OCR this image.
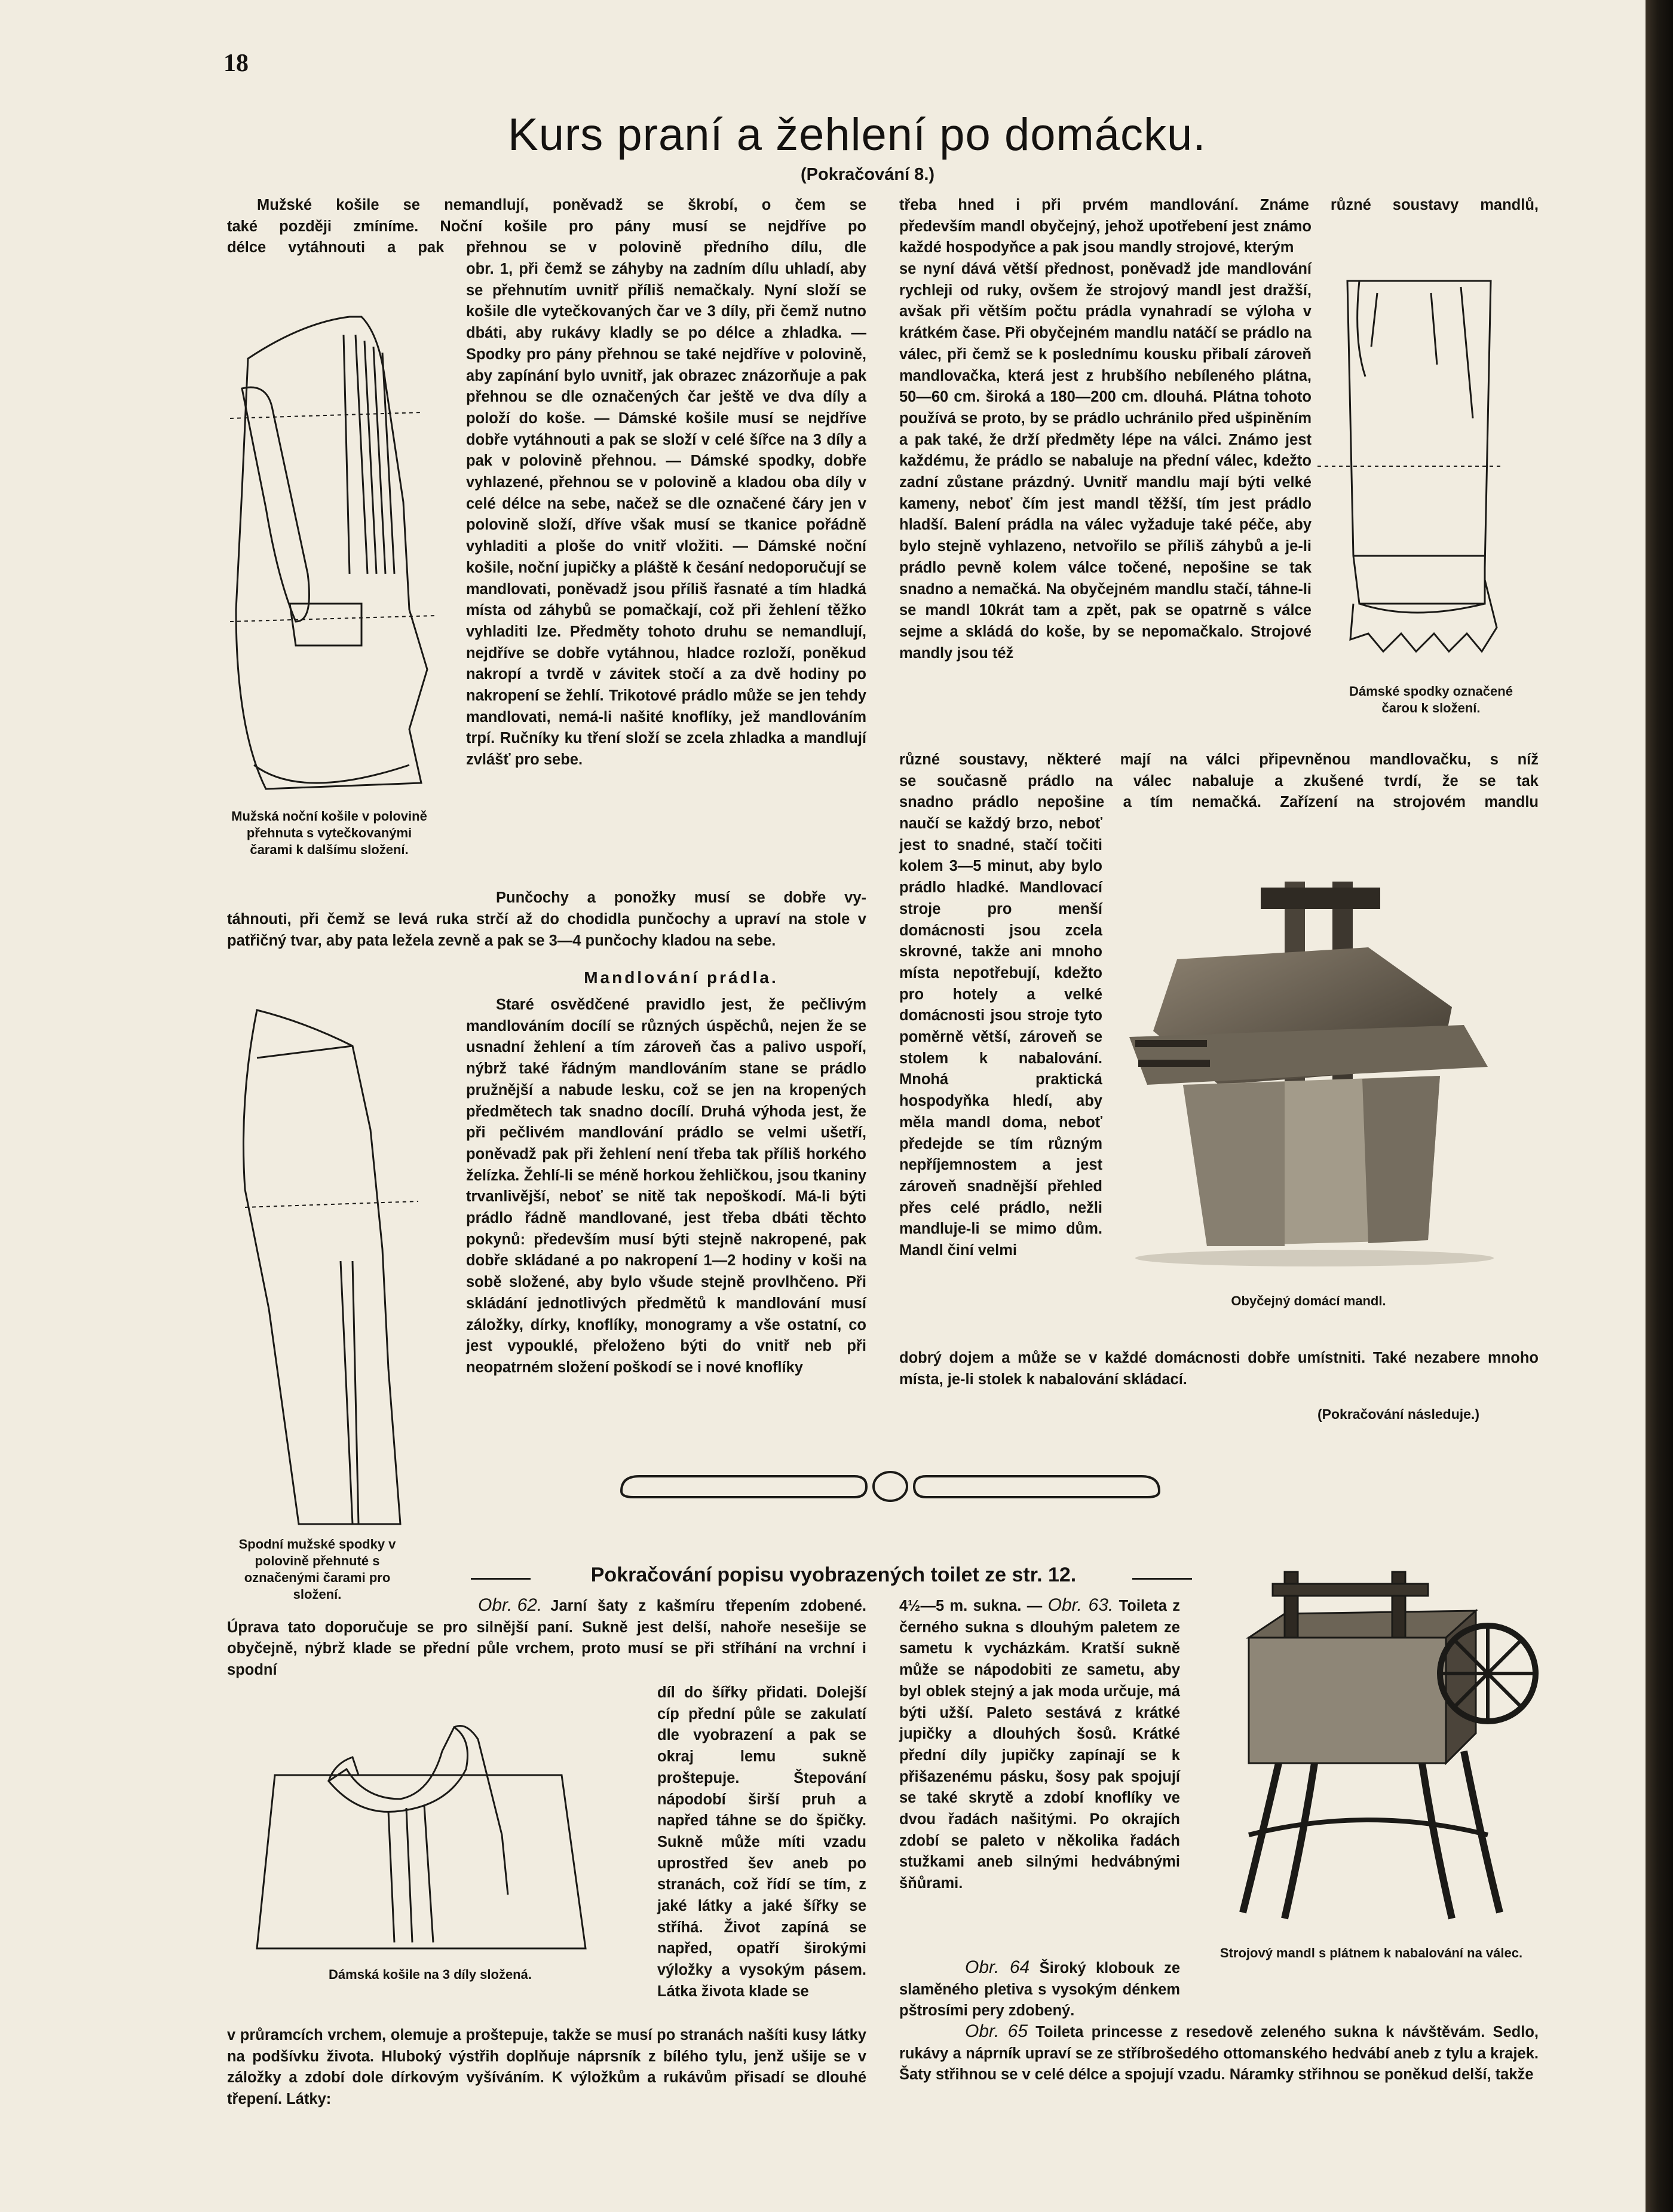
18
Kurs praní a žehlení po domácku.
(Pokračování 8.)
Mužské košile se nemandlují, poněvadž se škrobí, o čem se
také později zmíníme. Noční košile pro pány musí se nejdříve po
délce vytáhnouti a pak přehnou se v polovině předního dílu, dle
Mužská noční košile v polovině přehnuta s vytečkovanými čarami k dalšímu složení.
obr. 1, při čemž se záhyby na zadním dílu uhladí, aby se přehnutím uvnitř příliš nemačkaly. Nyní složí se košile dle vytečkovaných čar ve 3 díly, při čemž nutno dbáti, aby rukávy kladly se po délce a zhladka. — Spodky pro pány přehnou se také nejdříve v polovině, aby zapínání bylo uvnitř, jak obrazec znázorňuje a pak přehnou se dle označených čar ještě ve dva díly a položí do koše. — Dámské košile musí se nejdříve dobře vytáhnouti a pak se složí v celé šířce na 3 díly a pak v polovině přehnou. — Dámské spodky, dobře vyhlazené, přehnou se v polovině a kladou oba díly v celé délce na sebe, načež se dle označené čáry jen v polovině složí, dříve však musí se tkanice pořádně vyhladiti a ploše do vnitř vložiti. — Dámské noční košile, noční jupičky a pláště k česání nedoporučují se mandlovati, poněvadž jsou příliš řasnaté a tím hladká místa od záhybů se pomačkají, což při žehlení těžko vyhladiti lze. Předměty tohoto druhu se nemandlují, nejdříve se dobře vytáhnou, hladce rozloží, poněkud nakropí a tvrdě v závitek stočí a za dvě hodiny po nakropení se žehlí. Trikotové prádlo může se jen tehdy mandlovati, nemá-li našité knoflíky, jež mandlováním trpí. Ručníky ku tření složí se zcela zhladka a mandlují zvlášť pro sebe.
Punčochy a ponožky musí se dobře vy-
táhnouti, při čemž se levá ruka strčí až do chodidla punčochy a upraví na stole v patřičný tvar, aby pata ležela zevně a pak se 3—4 punčochy kladou na sebe.
Spodní mužské spodky v polovině přehnuté s označenými čarami pro složení.
Mandlování prádla.
Staré osvědčené pravidlo jest, že pečlivým mandlováním docílí se různých úspěchů, nejen že se usnadní žehlení a tím zároveň čas a palivo uspoří, nýbrž také řádným mandlováním stane se prádlo pružnější a nabude lesku, což se jen na kropených předmětech tak snadno docílí. Druhá výhoda jest, že při pečlivém mandlování prádlo se velmi ušetří, poněvadž pak při žehlení není třeba tak příliš horkého želízka. Žehlí-li se méně horkou žehličkou, jsou tkaniny trvanlivější, neboť se nitě tak nepoškodí. Má-li býti prádlo řádně mandlované, jest třeba dbáti těchto pokynů: především musí býti stejně nakropené, pak dobře skládané a po nakropení 1—2 hodiny v koši na sobě složené, aby bylo všude stejně provlhčeno. Při skládání jednotlivých předmětů k mandlování musí záložky, dírky, knoflíky, monogramy a vše ostatní, co jest vypouklé, přeloženo býti do vnitř neb při neopatrném složení poškodí se i nové knoflíky
třeba hned i při prvém mandlování. Známe různé soustavy mandlů,
především mandl obyčejný, jehož upotřebení jest známo každé hospodyňce a pak jsou mandly strojové, kterým
se nyní dává větší přednost, poněvadž jde mandlování rychleji od ruky, ovšem že strojový mandl jest dražší, avšak při větším počtu prádla vynahradí se výloha v krátkém čase. Při obyčejném mandlu natáčí se prádlo na válec, při čemž se k poslednímu kousku přibalí zároveň mandlovačka, která jest z hrubšího nebíleného plátna, 50—60 cm. široká a 180—200 cm. dlouhá. Plátna tohoto používá se proto, by se prádlo uchránilo před ušpiněním a pak také, že drží předměty lépe na válci. Známo jest každému, že prádlo se nabaluje na přední válec, kdežto zadní zůstane prázdný. Uvnitř mandlu mají býti velké kameny, neboť čím jest mandl těžší, tím jest prádlo hladší. Balení prádla na válec vyžaduje také péče, aby bylo stejně vyhlazeno, netvořilo se příliš záhybů a je-li prádlo pevně kolem válce točené, nepošine se tak snadno a nemačká. Na obyčejném mandlu stačí, táhne-li se mandl 10krát tam a zpět, pak se opatrně s válce sejme a skládá do koše, by se nepomačkalo. Strojové mandly jsou též
Dámské spodky označené čarou k složení.
různé soustavy, některé mají na válci připevněnou mandlovačku, s níž
se současně prádlo na válec nabaluje a zkušené tvrdí, že se tak
snadno prádlo nepošine a tím nemačká. Zařízení na strojovém mandlu
naučí se každý brzo, neboť jest to snadné, stačí točiti kolem 3—5 minut, aby bylo prádlo hladké. Mandlovací stroje pro menší domácnosti jsou zcela skrovné, takže ani mnoho místa nepotřebují, kdežto pro hotely a velké domácnosti jsou stroje tyto poměrně větší, zároveň se stolem k nabalování. Mnohá praktická hospodyňka hledí, aby měla mandl doma, neboť předejde se tím různým nepříjemnostem a jest zároveň snadnější přehled přes celé prádlo, nežli mandluje-li se mimo dům. Mandl činí velmi
Obyčejný domácí mandl.
dobrý dojem a může se v každé domácnosti dobře umístniti. Také nezabere mnoho místa, je-li stolek k nabalování skládací.
(Pokračování následuje.)
Pokračování popisu vyobrazených toilet ze str. 12.
Obr. 62. Jarní šaty z kašmíru třepením zdobené. Úprava tato doporučuje se pro silnější paní. Sukně jest delší, nahoře nesešije se obyčejně, nýbrž klade se přední půle vrchem, proto musí se při stříhání na vrchní i spodní
díl do šířky přidati. Dolejší cíp přední půle se zakulatí dle vyobrazení a pak se okraj lemu sukně proštepuje. Štepování nápodobí širší pruh a napřed táhne se do špičky. Sukně může míti vzadu uprostřed šev aneb po stranách, což řídí se tím, z jaké látky a jaké šířky se stříhá. Život zapíná se napřed, opatří širokými výložky a vysokým pásem. Látka života klade se
Dámská košile na 3 díly složená.
v průramcích vrchem, olemuje a proštepuje, takže se musí po stranách našíti kusy látky na podšívku života. Hluboký výstřih doplňuje náprsník z bílého tylu, jenž ušije se v záložky a zdobí dole dírkovým vyšíváním. K výložkům a rukávům přisadí se dlouhé třepení. Látky:
4½—5 m. sukna. — Obr. 63. Toileta z černého sukna s dlouhým paletem ze sametu k vycházkám. Kratší sukně může se nápodobiti ze sametu, aby byl oblek stejný a jak moda určuje, má býti užší. Paleto sestává z krátké jupičky a dlouhých šosů. Krátké přední díly jupičky zapínají se k přišazenému pásku, šosy pak spojují se také skrytě a zdobí knoflíky ve dvou řadách našitými. Po okrajích zdobí se paleto v několika řadách stužkami aneb silnými hedvábnými šňůrami.
Obr. 64 Široký klobouk ze slaměného pletiva s vysokým dénkem pštrosími pery zdobený.
Obr. 65 Toileta princesse z resedově zeleného sukna k návštěvám. Sedlo, rukávy a náprník upraví se ze stříbrošedého ottomanského hedvábí aneb z tylu a krajek. Šaty střihnou se v celé délce a spojují vzadu. Náramky střihnou se poněkud delší, takže
Strojový mandl s plátnem k nabalování na válec.
